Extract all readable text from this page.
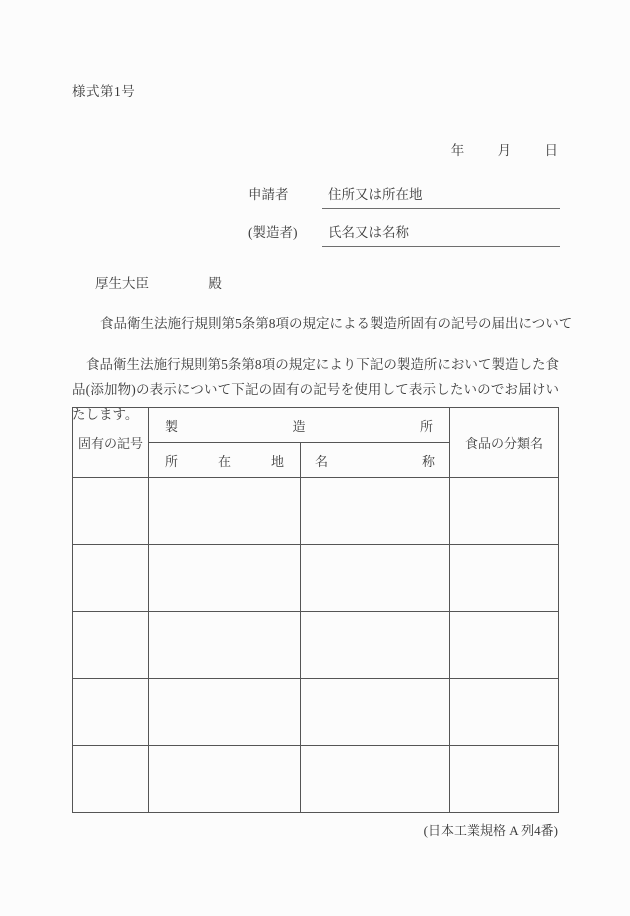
様式第1号
年 月 日
申請者	住所又は所在地
(製造者)	氏名又は名称
厚生大臣	殿
食品衛生法施行規則第5条第8項の規定による製造所固有の記号の届出について
食品衛生法施行規則第5条第8項の規定により下記の製造所において製造した食品(添加物)の表示について下記の固有の記号を使用して表示したいのでお届けいたします。
固有の記号	製 造 所		食品の分類名

	所 在 地	名 称	

(日本工業規格 A 列4番)
